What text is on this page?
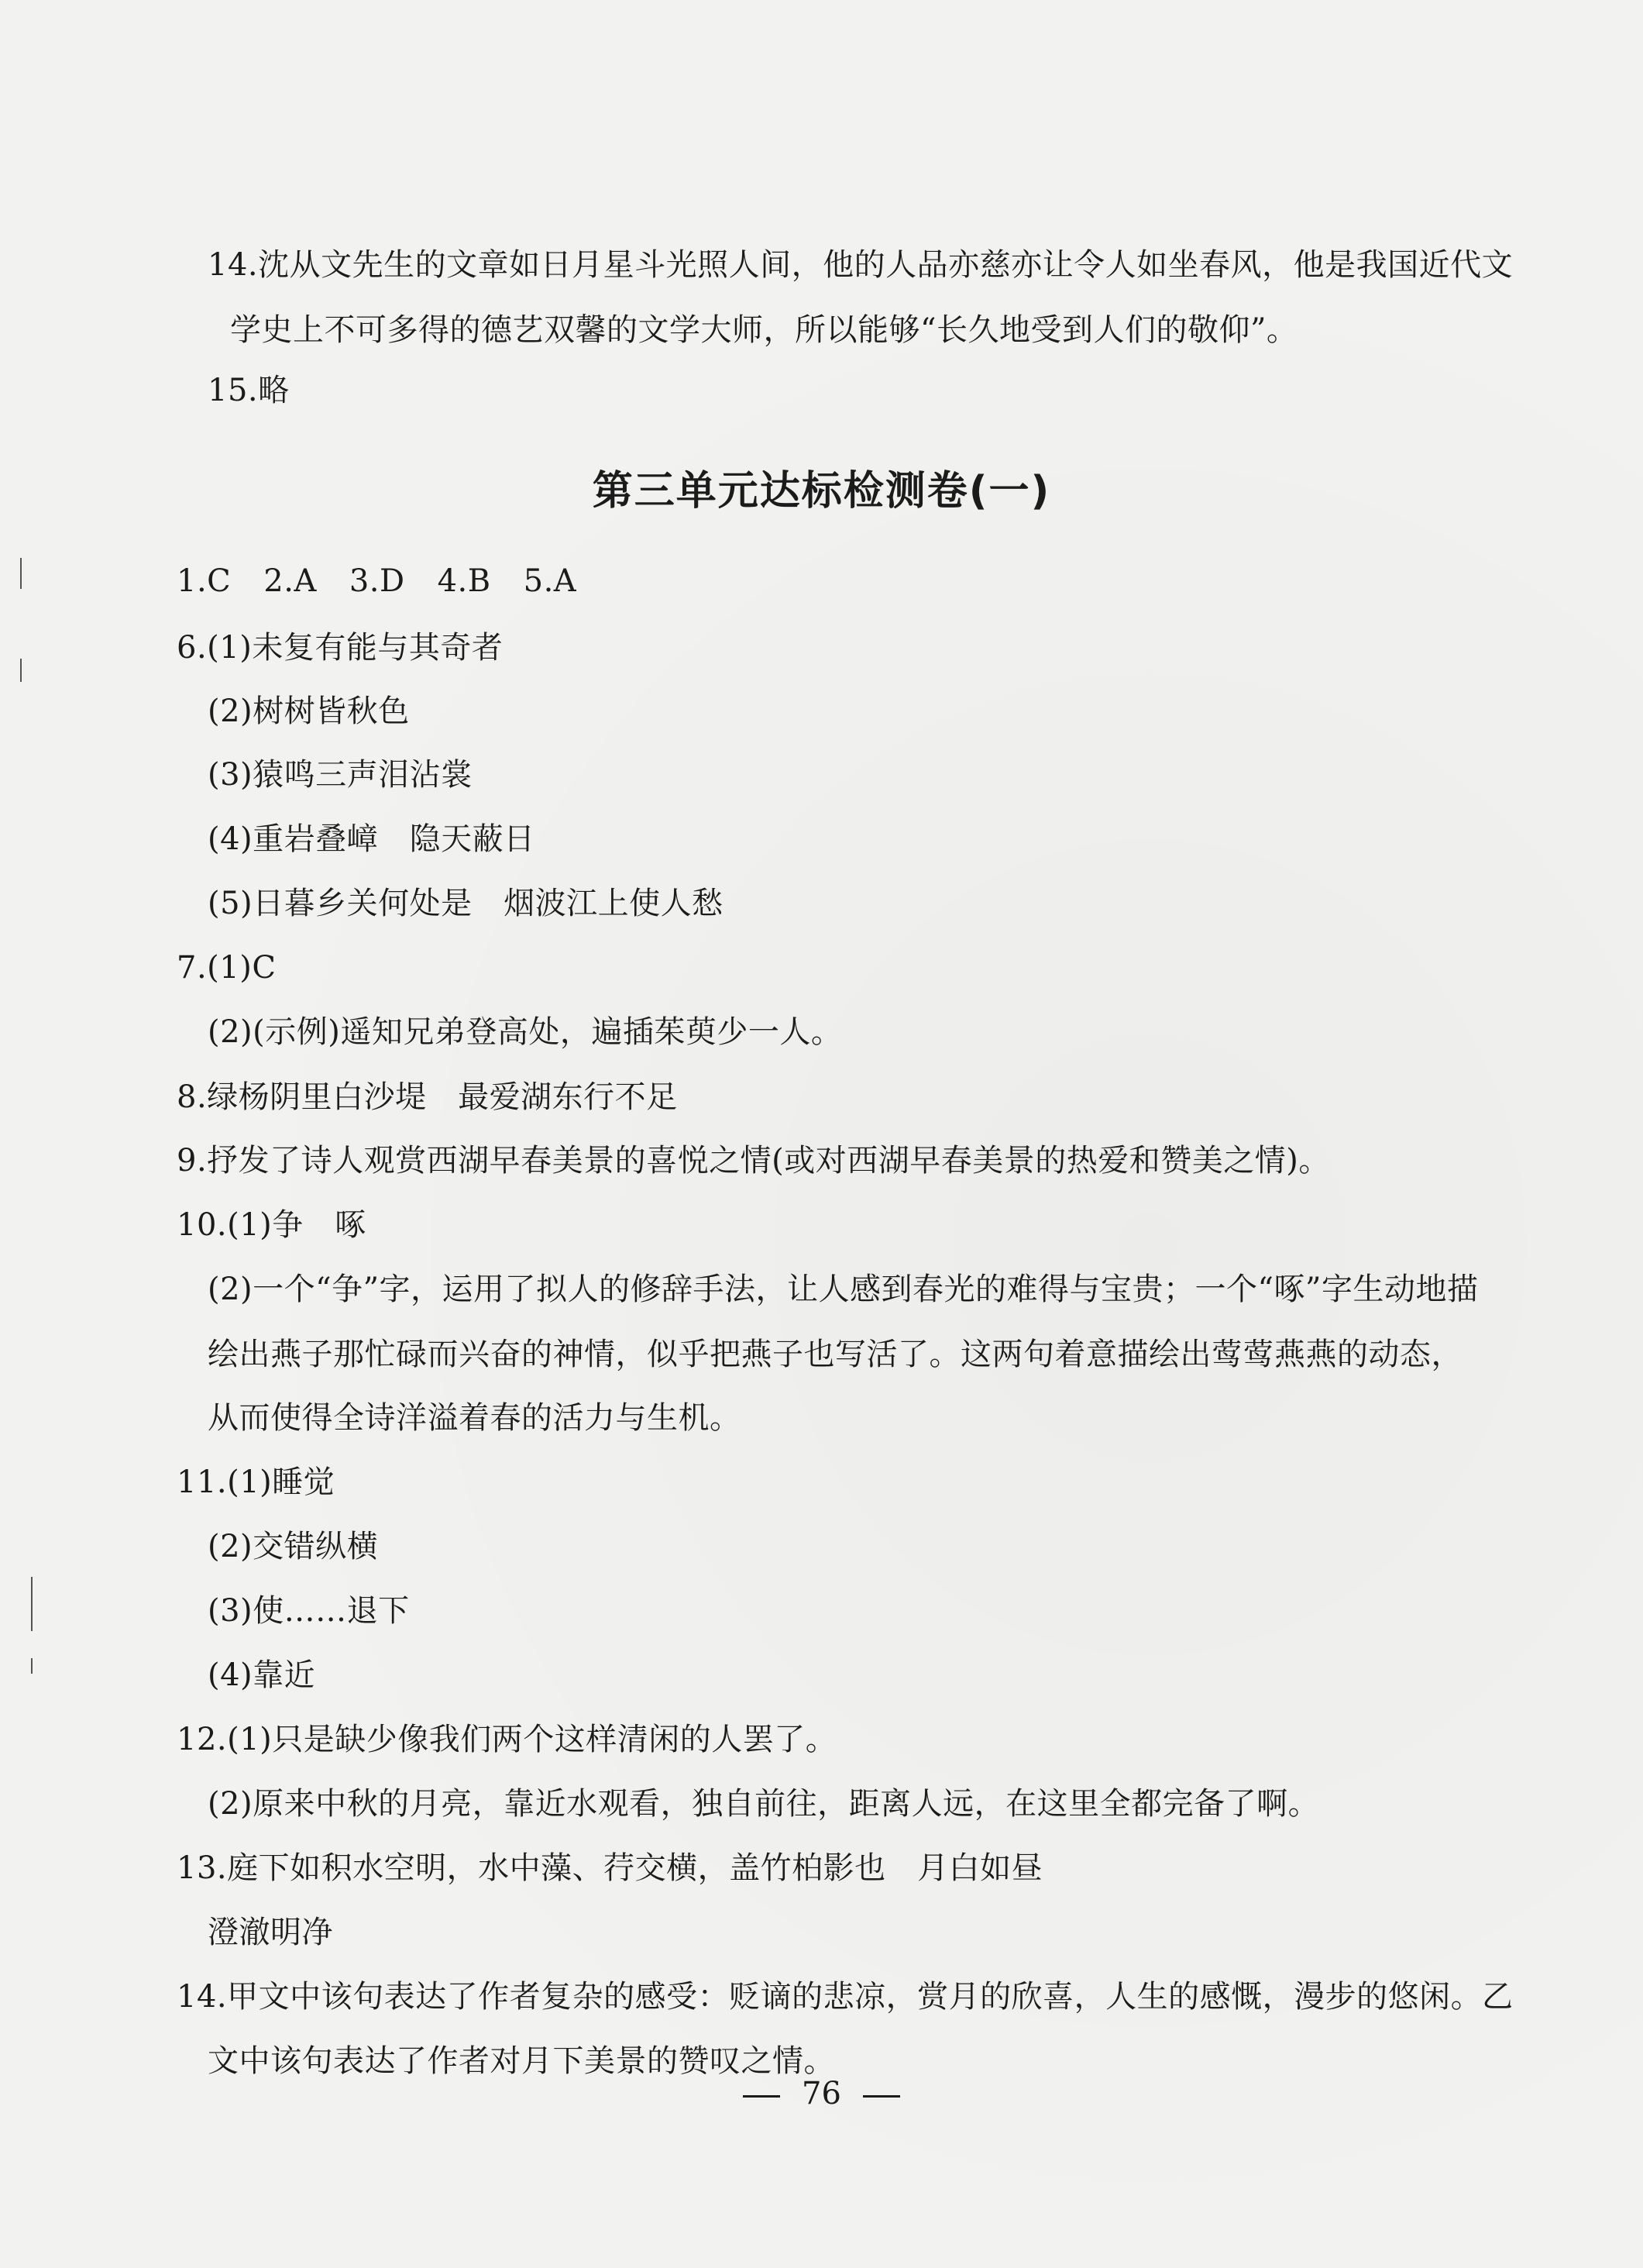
14.沈从文先生的文章如日月星斗光照人间，他的人品亦慈亦让令人如坐春风，他是我国近代文
学史上不可多得的德艺双馨的文学大师，所以能够“长久地受到人们的敬仰”。
15.略
第三单元达标检测卷(一)
1.C 2.A 3.D 4.B 5.A
6.(1)未复有能与其奇者
(2)树树皆秋色
(3)猿鸣三声泪沾裳
(4)重岩叠嶂　隐天蔽日
(5)日暮乡关何处是　烟波江上使人愁
7.(1)C
(2)(示例)遥知兄弟登高处，遍插茱萸少一人。
8.绿杨阴里白沙堤　最爱湖东行不足
9.抒发了诗人观赏西湖早春美景的喜悦之情(或对西湖早春美景的热爱和赞美之情)。
10.(1)争　啄
(2)一个“争”字，运用了拟人的修辞手法，让人感到春光的难得与宝贵；一个“啄”字生动地描
绘出燕子那忙碌而兴奋的神情，似乎把燕子也写活了。这两句着意描绘出莺莺燕燕的动态，
从而使得全诗洋溢着春的活力与生机。
11.(1)睡觉
(2)交错纵横
(3)使……退下
(4)靠近
12.(1)只是缺少像我们两个这样清闲的人罢了。
(2)原来中秋的月亮，靠近水观看，独自前往，距离人远，在这里全都完备了啊。
13.庭下如积水空明，水中藻、荇交横，盖竹柏影也　月白如昼
澄澈明净
14.甲文中该句表达了作者复杂的感受：贬谪的悲凉，赏月的欣喜，人生的感慨，漫步的悠闲。乙
文中该句表达了作者对月下美景的赞叹之情。
76
